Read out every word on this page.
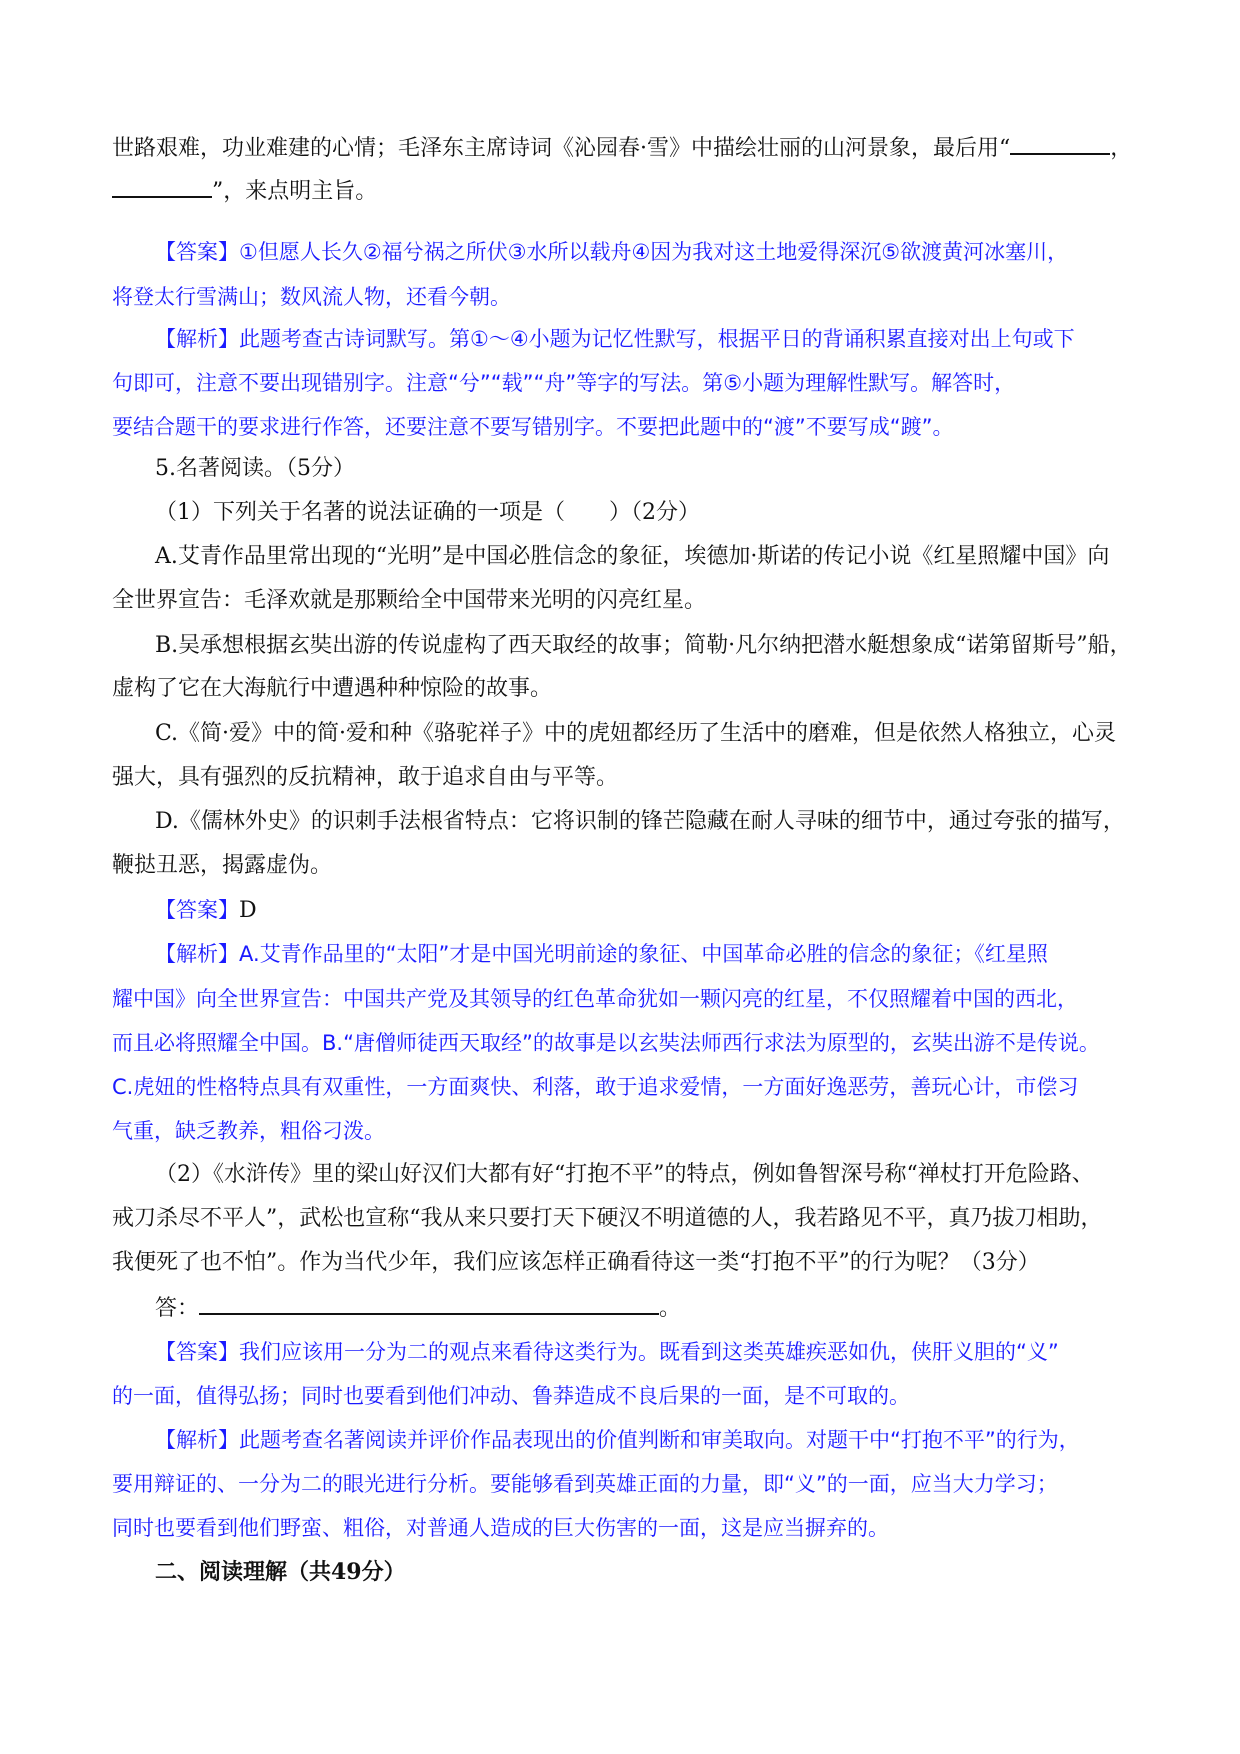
世路艰难，功业难建的心情；毛泽东主席诗词《沁园春·雪》中描绘壮丽的山河景象，最后用“	，
”，来点明主旨。
【答案】①但愿人长久②福兮祸之所伏③水所以载舟④因为我对这土地爱得深沉⑤欲渡黄河冰塞川，
将登太行雪满山；数风流人物，还看今朝。
【解析】此题考查古诗词默写。第①～④小题为记忆性默写，根据平日的背诵积累直接对出上句或下
句即可，注意不要出现错别字。注意“兮”“载”“舟”等字的写法。第⑤小题为理解性默写。解答时，
要结合题干的要求进行作答，还要注意不要写错别字。不要把此题中的“渡”不要写成“踱”。
5.名著阅读。（5分）
（1）下列关于名著的说法证确的一项是（　　）（2分）
A.艾青作品里常出现的“光明”是中国必胜信念的象征，埃德加·斯诺的传记小说《红星照耀中国》向
全世界宣告：毛泽欢就是那颗给全中国带来光明的闪亮红星。
B.吴承想根据玄奘出游的传说虚构了西天取经的故事；简勒·凡尔纳把潜水艇想象成“诺第留斯号”船，
虚构了它在大海航行中遭遇种种惊险的故事。
C.《简·爱》中的简·爱和种《骆驼祥子》中的虎妞都经历了生活中的磨难，但是依然人格独立，心灵
强大，具有强烈的反抗精神，敢于追求自由与平等。
D.《儒林外史》的识刺手法根省特点：它将识制的锋芒隐藏在耐人寻味的细节中，通过夸张的描写，
鞭挞丑恶，揭露虚伪。
【答案】D
【解析】A.艾青作品里的“太阳”才是中国光明前途的象征、中国革命必胜的信念的象征；《红星照
耀中国》向全世界宣告：中国共产党及其领导的红色革命犹如一颗闪亮的红星，不仅照耀着中国的西北，
而且必将照耀全中国。B.“唐僧师徒西天取经”的故事是以玄奘法师西行求法为原型的，玄奘出游不是传说。
C.虎妞的性格特点具有双重性，一方面爽快、利落，敢于追求爱情，一方面好逸恶劳，善玩心计，市偿习
气重，缺乏教养，粗俗刁泼。
（2）《水浒传》里的梁山好汉们大都有好“打抱不平”的特点，例如鲁智深号称“禅杖打开危险路、
戒刀杀尽不平人”，武松也宣称“我从来只要打天下硬汉不明道德的人，我若路见不平，真乃拔刀相助，
我便死了也不怕”。作为当代少年，我们应该怎样正确看待这一类“打抱不平”的行为呢？（3分）
答：	。
【答案】我们应该用一分为二的观点来看待这类行为。既看到这类英雄疾恶如仇，侠肝义胆的“义”
的一面，值得弘扬；同时也要看到他们冲动、鲁莽造成不良后果的一面，是不可取的。
【解析】此题考查名著阅读并评价作品表现出的价值判断和审美取向。对题干中“打抱不平”的行为，
要用辩证的、一分为二的眼光进行分析。要能够看到英雄正面的力量，即“义”的一面，应当大力学习；
同时也要看到他们野蛮、粗俗，对普通人造成的巨大伤害的一面，这是应当摒弃的。
二、阅读理解（共49分）
